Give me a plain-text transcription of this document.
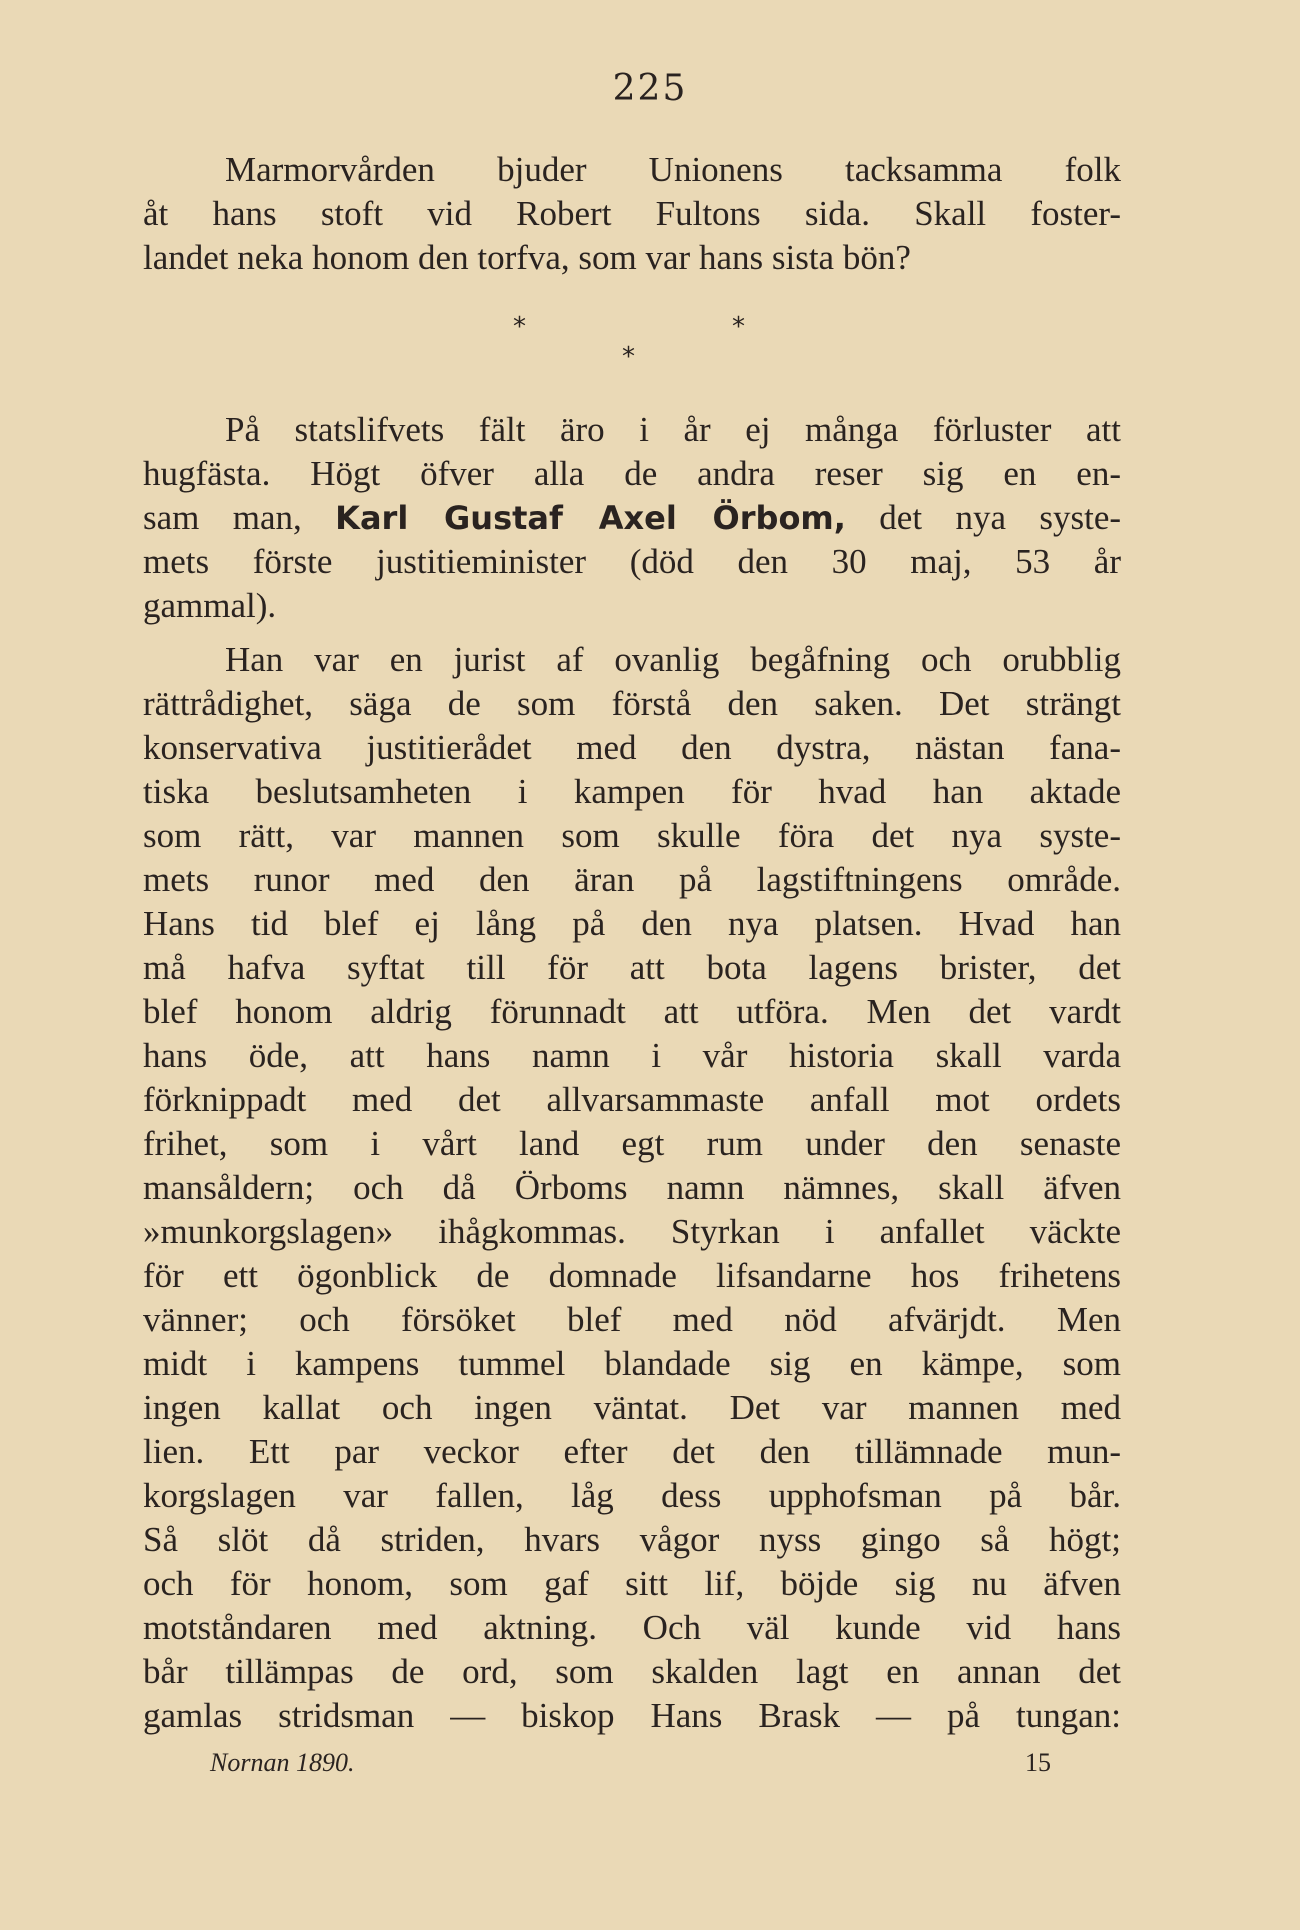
225
Marmorvården bjuder Unionens tacksamma folk
åt hans stoft vid Robert Fultons sida. Skall foster-
landet neka honom den torfva, som var hans sista bön?
*	*
*
På statslifvets fält äro i år ej många förluster att
hugfästa. Högt öfver alla de andra reser sig en en-
sam man, Karl Gustaf Axel Örbom, det nya syste-
mets förste justitieminister (död den 30 maj, 53 år
gammal).
Han var en jurist af ovanlig begåfning och orubblig
rättrådighet, säga de som förstå den saken. Det strängt
konservativa justitierådet med den dystra, nästan fana-
tiska beslutsamheten i kampen för hvad han aktade
som rätt, var mannen som skulle föra det nya syste-
mets runor med den äran på lagstiftningens område.
Hans tid blef ej lång på den nya platsen. Hvad han
må hafva syftat till för att bota lagens brister, det
blef honom aldrig förunnadt att utföra. Men det vardt
hans öde, att hans namn i vår historia skall varda
förknippadt med det allvarsammaste anfall mot ordets
frihet, som i vårt land egt rum under den senaste
mansåldern; och då Örboms namn nämnes, skall äfven
»munkorgslagen» ihågkommas. Styrkan i anfallet väckte
för ett ögonblick de domnade lifsandarne hos frihetens
vänner; och försöket blef med nöd afvärjdt. Men
midt i kampens tummel blandade sig en kämpe, som
ingen kallat och ingen väntat. Det var mannen med
lien. Ett par veckor efter det den tillämnade mun-
korgslagen var fallen, låg dess upphofsman på bår.
Så slöt då striden, hvars vågor nyss gingo så högt;
och för honom, som gaf sitt lif, böjde sig nu äfven
motståndaren med aktning. Och väl kunde vid hans
bår tillämpas de ord, som skalden lagt en annan det
gamlas stridsman — biskop Hans Brask — på tungan:
Nornan 1890.	15
